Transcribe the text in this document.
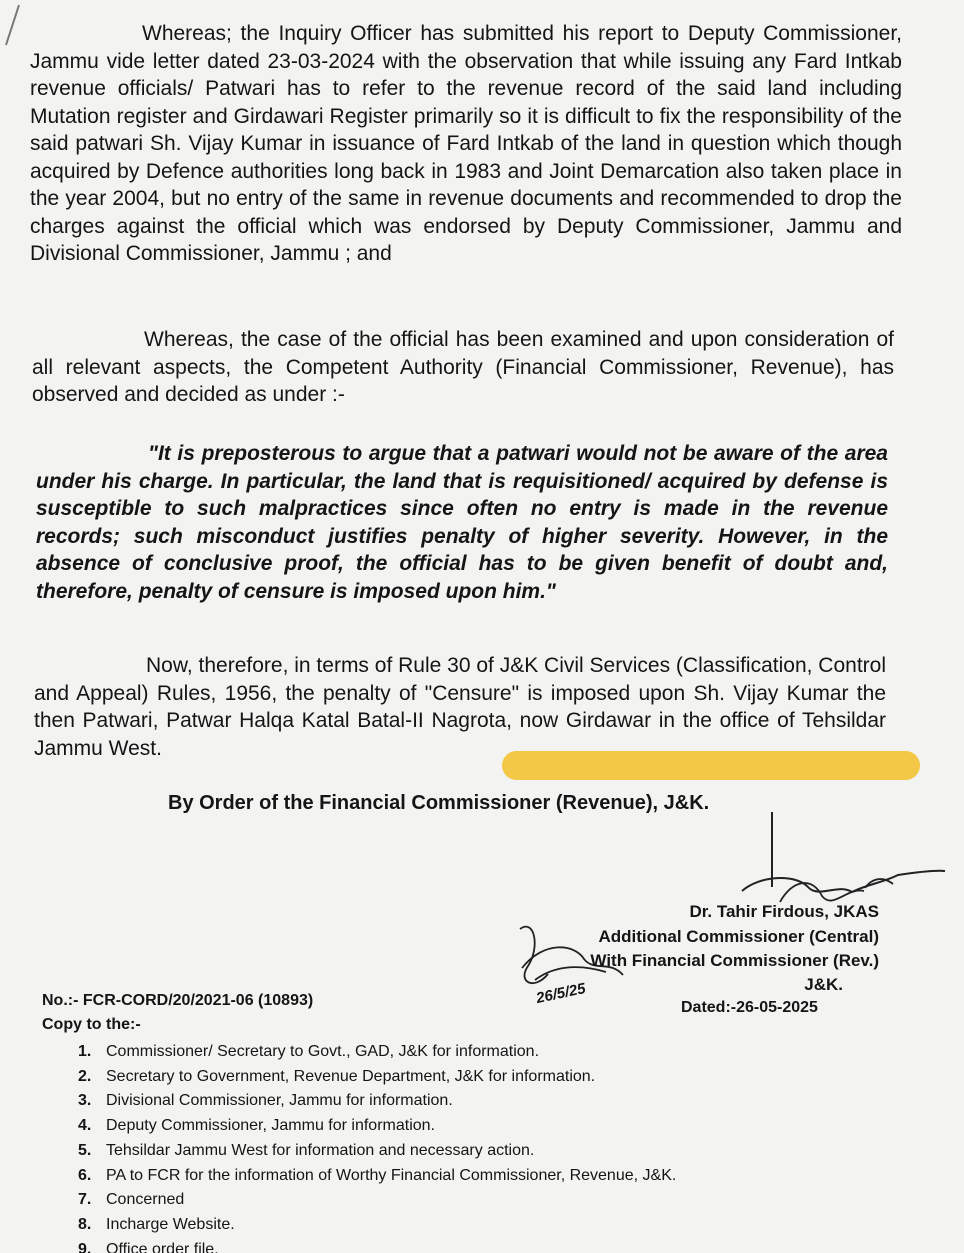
Whereas; the Inquiry Officer has submitted his report to Deputy Commissioner, Jammu vide letter dated 23-03-2024 with the observation that while issuing any Fard Intkab revenue officials/ Patwari has to refer to the revenue record of the said land including Mutation register and Girdawari Register primarily so it is difficult to fix the responsibility of the said patwari Sh. Vijay Kumar in issuance of Fard Intkab of the land in question which though acquired by Defence authorities long back in 1983 and Joint Demarcation also taken place in the year 2004, but no entry of the same in revenue documents and recommended to drop the charges against the official which was endorsed by Deputy Commissioner, Jammu and Divisional Commissioner, Jammu ; and

Whereas, the case of the official has been examined and upon consideration of all relevant aspects, the Competent Authority (Financial Commissioner, Revenue), has observed and decided as under :-

"It is preposterous to argue that a patwari would not be aware of the area under his charge. In particular, the land that is requisitioned/ acquired by defense is susceptible to such malpractices since often no entry is made in the revenue records; such misconduct justifies penalty of higher severity. However, in the absence of conclusive proof, the official has to be given benefit of doubt and, therefore, penalty of censure is imposed upon him."

Now, therefore, in terms of Rule 30 of J&K Civil Services (Classification, Control and Appeal) Rules, 1956, the penalty of "Censure" is imposed upon Sh. Vijay Kumar the then Patwari, Patwar Halqa Katal Batal-II Nagrota, now Girdawar in the office of Tehsildar Jammu West.

By Order of the Financial Commissioner (Revenue), J&K.
26/5/25
Dr. Tahir Firdous, JKAS
Additional Commissioner (Central)
With Financial Commissioner (Rev.)
J&K.
Dated:-26-05-2025
No.:- FCR-CORD/20/2021-06 (10893)
Copy to the:-
1. Commissioner/ Secretary to Govt., GAD, J&K for information.
2. Secretary to Government, Revenue Department, J&K for information.
3. Divisional Commissioner, Jammu for information.
4. Deputy Commissioner, Jammu for information.
5. Tehsildar Jammu West for information and necessary action.
6. PA to FCR for the information of Worthy Financial Commissioner, Revenue, J&K.
7. Concerned
8. Incharge Website.
9. Office order file.
